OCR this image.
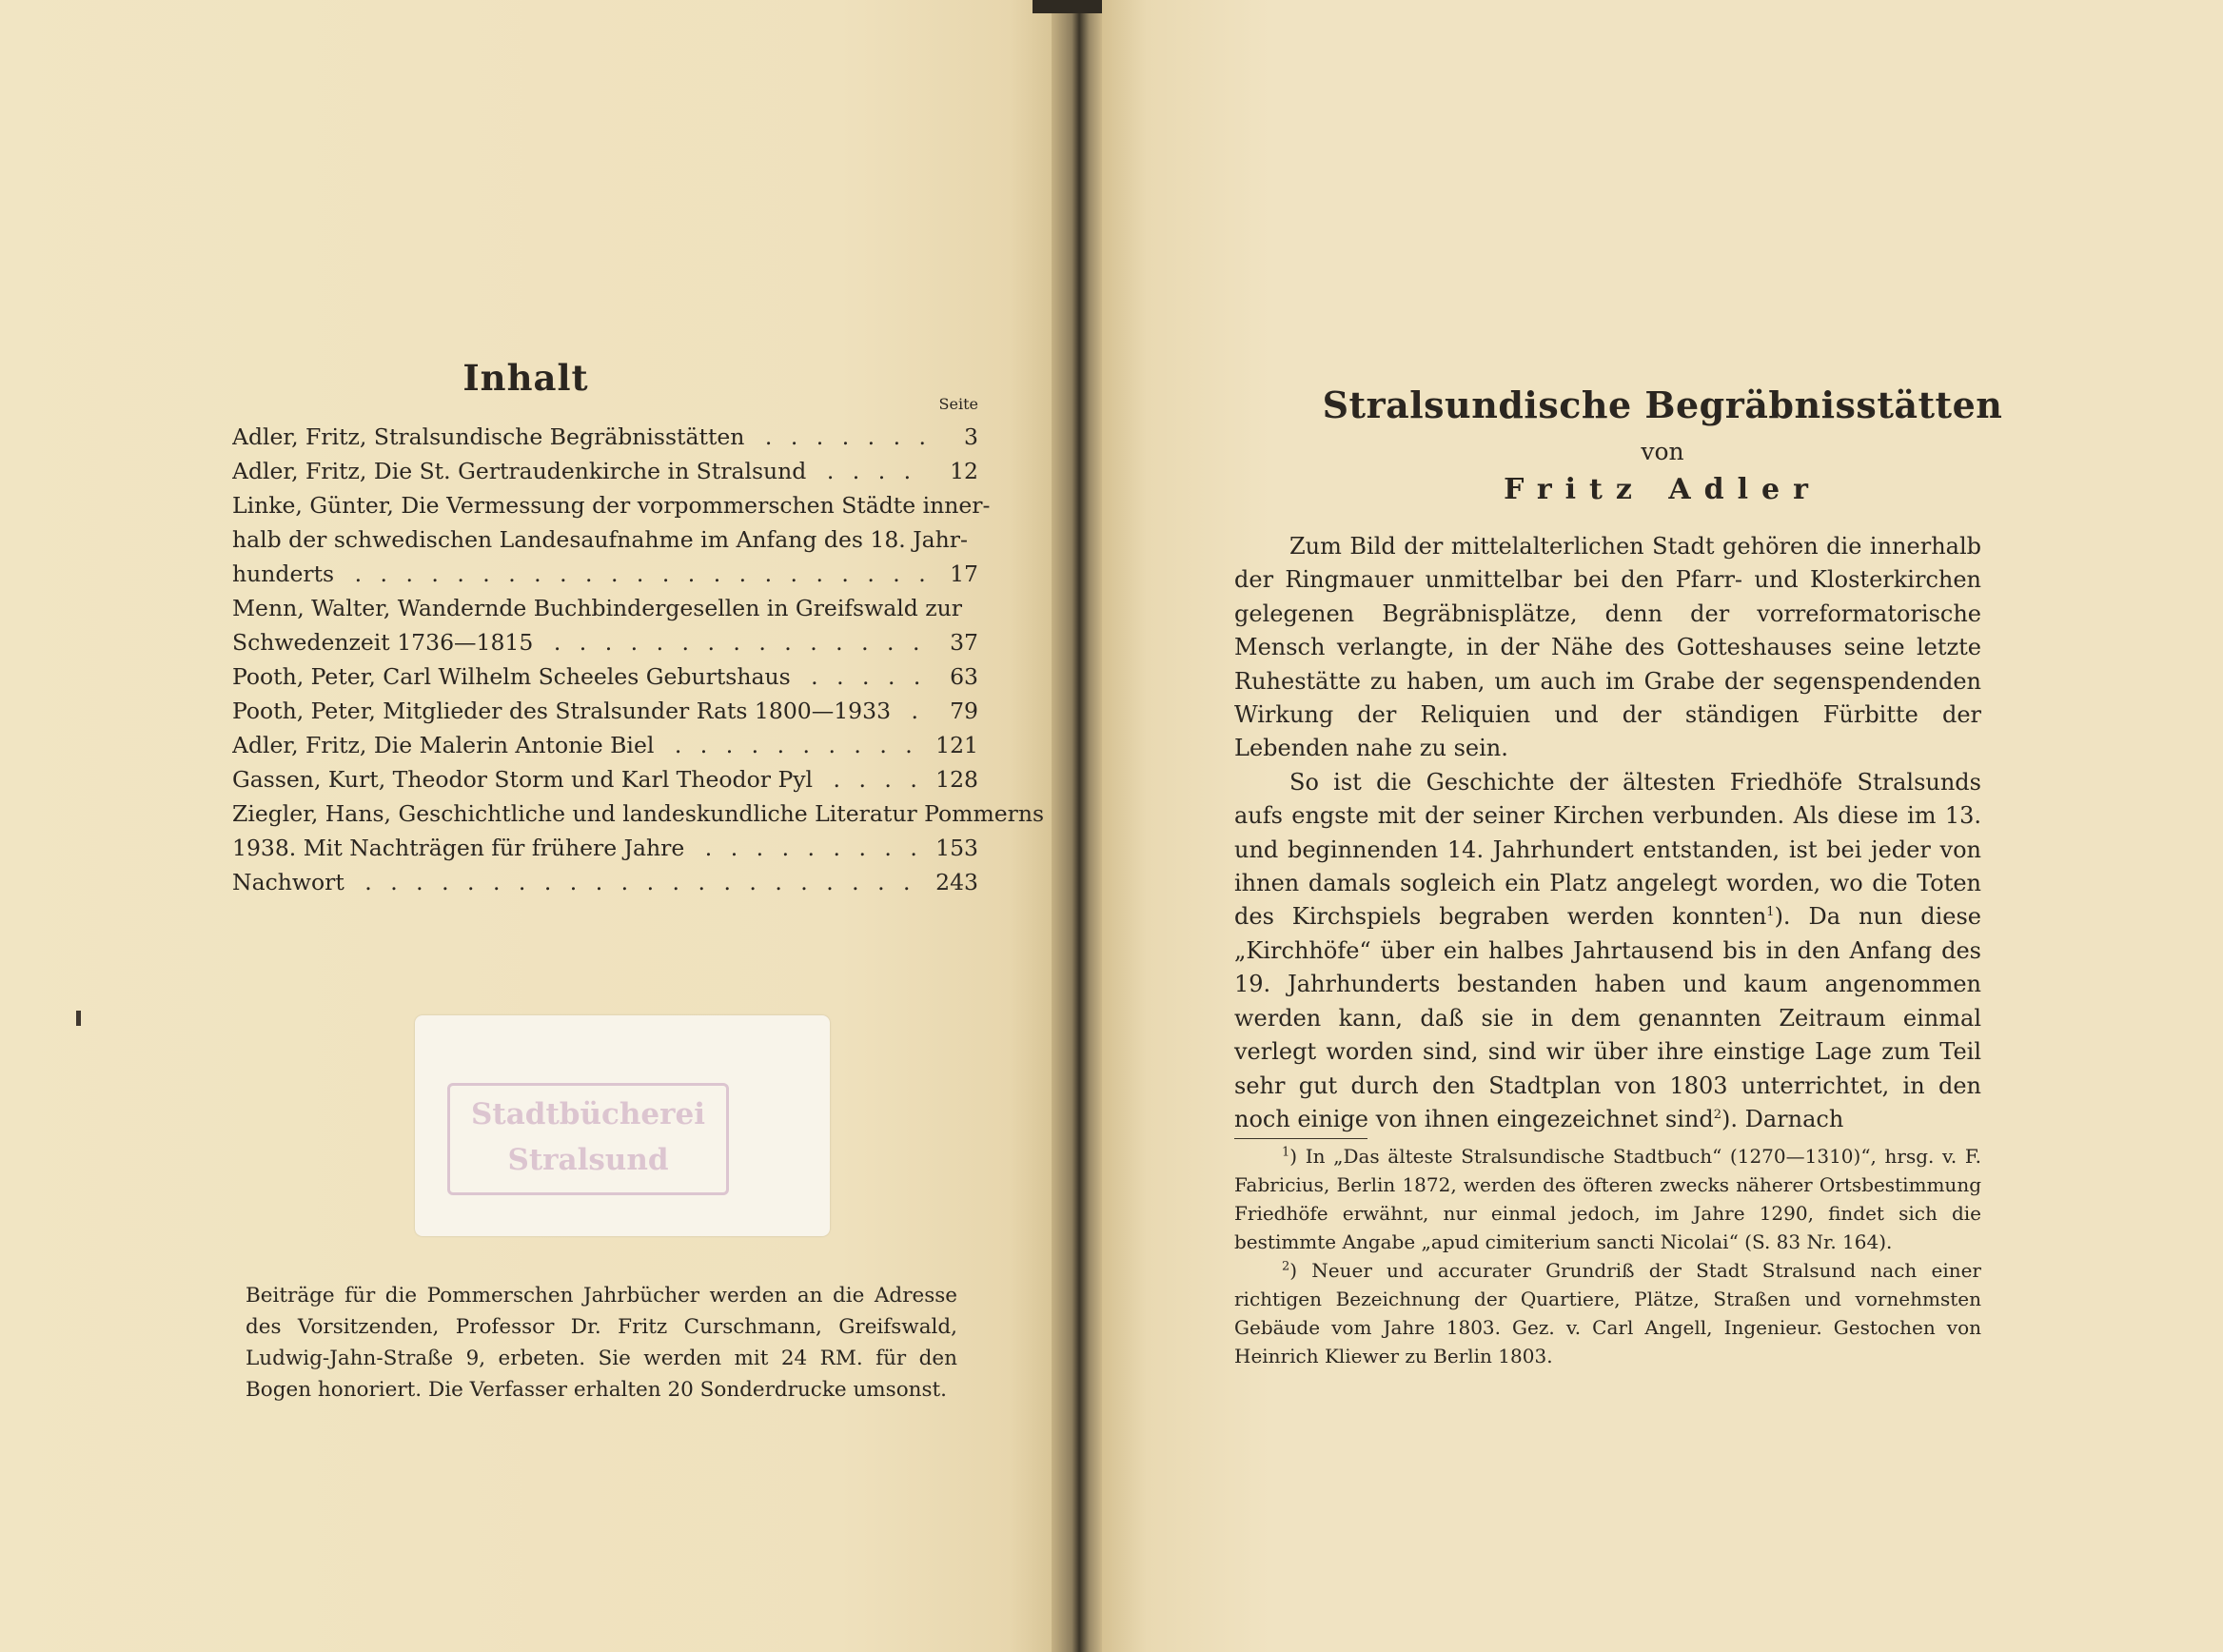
Inhalt
Seite
Adler, Fritz, Stralsundische Begräbnisstätten . . .	3
Adler, Fritz, Die St. Gertraudenkirche in Stralsund . . .	12
Linke, Günter, Die Vermessung der vorpommerschen Städte inner-
halb der schwedischen Landesaufnahme im Anfang des 18. Jahr-
hunderts . . .	17
Menn, Walter, Wandernde Buchbindergesellen in Greifswald zur
Schwedenzeit 1736—1815 . . .	37
Pooth, Peter, Carl Wilhelm Scheeles Geburtshaus . . .	63
Pooth, Peter, Mitglieder des Stralsunder Rats 1800—1933 . . .	79
Adler, Fritz, Die Malerin Antonie Biel . . .	121
Gassen, Kurt, Theodor Storm und Karl Theodor Pyl . . .	128
Ziegler, Hans, Geschichtliche und landeskundliche Literatur Pommerns
1938. Mit Nachträgen für frühere Jahre . . .	153
Nachwort . . .	243
Stadtbücherei
Stralsund
Beiträge für die Pommerschen Jahrbücher werden an die Adresse des Vorsitzenden, Professor Dr. Fritz Curschmann, Greifswald, Ludwig-Jahn-Straße 9, erbeten. Sie werden mit 24 RM. für den Bogen honoriert. Die Verfasser erhalten 20 Sonderdrucke umsonst.
Stralsundische Begräbnisstätten
von
Fritz Adler

Zum Bild der mittelalterlichen Stadt gehören die innerhalb der Ringmauer unmittelbar bei den Pfarr- und Klosterkirchen gelegenen Begräbnisplätze, denn der vorreformatorische Mensch verlangte, in der Nähe des Gotteshauses seine letzte Ruhestätte zu haben, um auch im Grabe der segenspendenden Wirkung der Reliquien und der ständigen Fürbitte der Lebenden nahe zu sein.

So ist die Geschichte der ältesten Friedhöfe Stralsunds aufs engste mit der seiner Kirchen verbunden. Als diese im 13. und beginnenden 14. Jahrhundert entstanden, ist bei jeder von ihnen damals sogleich ein Platz angelegt worden, wo die Toten des Kirchspiels begraben werden konnten$^1$). Da nun diese „Kirchhöfe“ über ein halbes Jahrtausend bis in den Anfang des 19. Jahrhunderts bestanden haben und kaum angenommen werden kann, daß sie in dem genannten Zeitraum einmal verlegt worden sind, sind wir über ihre einstige Lage zum Teil sehr gut durch den Stadtplan von 1803 unterrichtet, in den noch einige von ihnen eingezeichnet sind$^2$). Darnach

$^1$) In „Das älteste Stralsundische Stadtbuch“ (1270—1310)“, hrsg. v. F. Fabricius, Berlin 1872, werden des öfteren zwecks näherer Ortsbestimmung Friedhöfe erwähnt, nur einmal jedoch, im Jahre 1290, findet sich die bestimmte Angabe „apud cimiterium sancti Nicolai“ (S. 83 Nr. 164).

$^2$) Neuer und accurater Grundriß der Stadt Stralsund nach einer richtigen Bezeichnung der Quartiere, Plätze, Straßen und vornehmsten Gebäude vom Jahre 1803. Gez. v. Carl Angell, Ingenieur. Gestochen von Heinrich Kliewer zu Berlin 1803.
